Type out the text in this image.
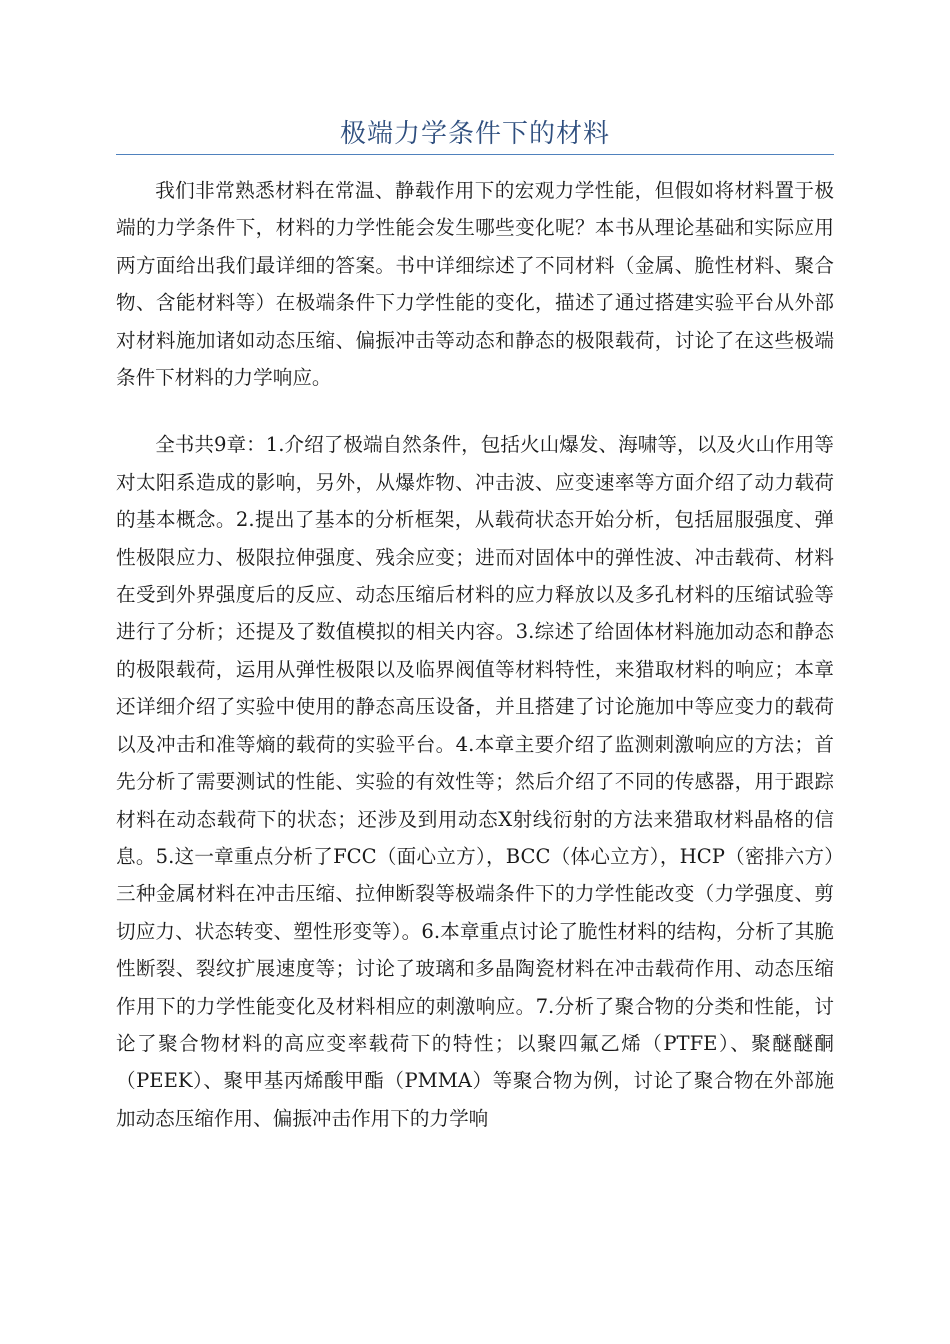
极端力学条件下的材料

我们非常熟悉材料在常温、静载作用下的宏观力学性能，但假如将材料置于极端的力学条件下，材料的力学性能会发生哪些变化呢？本书从理论基础和实际应用两方面给出我们最详细的答案。书中详细综述了不同材料（金属、脆性材料、聚合物、含能材料等）在极端条件下力学性能的变化，描述了通过搭建实验平台从外部对材料施加诸如动态压缩、偏振冲击等动态和静态的极限载荷，讨论了在这些极端条件下材料的力学响应。

全书共9章：1.介绍了极端自然条件，包括火山爆发、海啸等，以及火山作用等对太阳系造成的影响，另外，从爆炸物、冲击波、应变速率等方面介绍了动力载荷的基本概念。2.提出了基本的分析框架，从载荷状态开始分析，包括屈服强度、弹性极限应力、极限拉伸强度、残余应变；进而对固体中的弹性波、冲击载荷、材料在受到外界强度后的反应、动态压缩后材料的应力释放以及多孔材料的压缩试验等进行了分析；还提及了数值模拟的相关内容。3.综述了给固体材料施加动态和静态的极限载荷，运用从弹性极限以及临界阀值等材料特性，来猎取材料的响应；本章还详细介绍了实验中使用的静态高压设备，并且搭建了讨论施加中等应变力的载荷以及冲击和准等熵的载荷的实验平台。4.本章主要介绍了监测刺激响应的方法；首先分析了需要测试的性能、实验的有效性等；然后介绍了不同的传感器，用于跟踪材料在动态载荷下的状态；还涉及到用动态X射线衍射的方法来猎取材料晶格的信息。5.这一章重点分析了FCC（面心立方），BCC（体心立方），HCP（密排六方）三种金属材料在冲击压缩、拉伸断裂等极端条件下的力学性能改变（力学强度、剪切应力、状态转变、塑性形变等）。6.本章重点讨论了脆性材料的结构，分析了其脆性断裂、裂纹扩展速度等；讨论了玻璃和多晶陶瓷材料在冲击载荷作用、动态压缩作用下的力学性能变化及材料相应的刺激响应。7.分析了聚合物的分类和性能，讨论了聚合物材料的高应变率载荷下的特性；以聚四氟乙烯（PTFE）、聚醚醚酮（PEEK）、聚甲基丙烯酸甲酯（PMMA）等聚合物为例，讨论了聚合物在外部施加动态压缩作用、偏振冲击作用下的力学响
